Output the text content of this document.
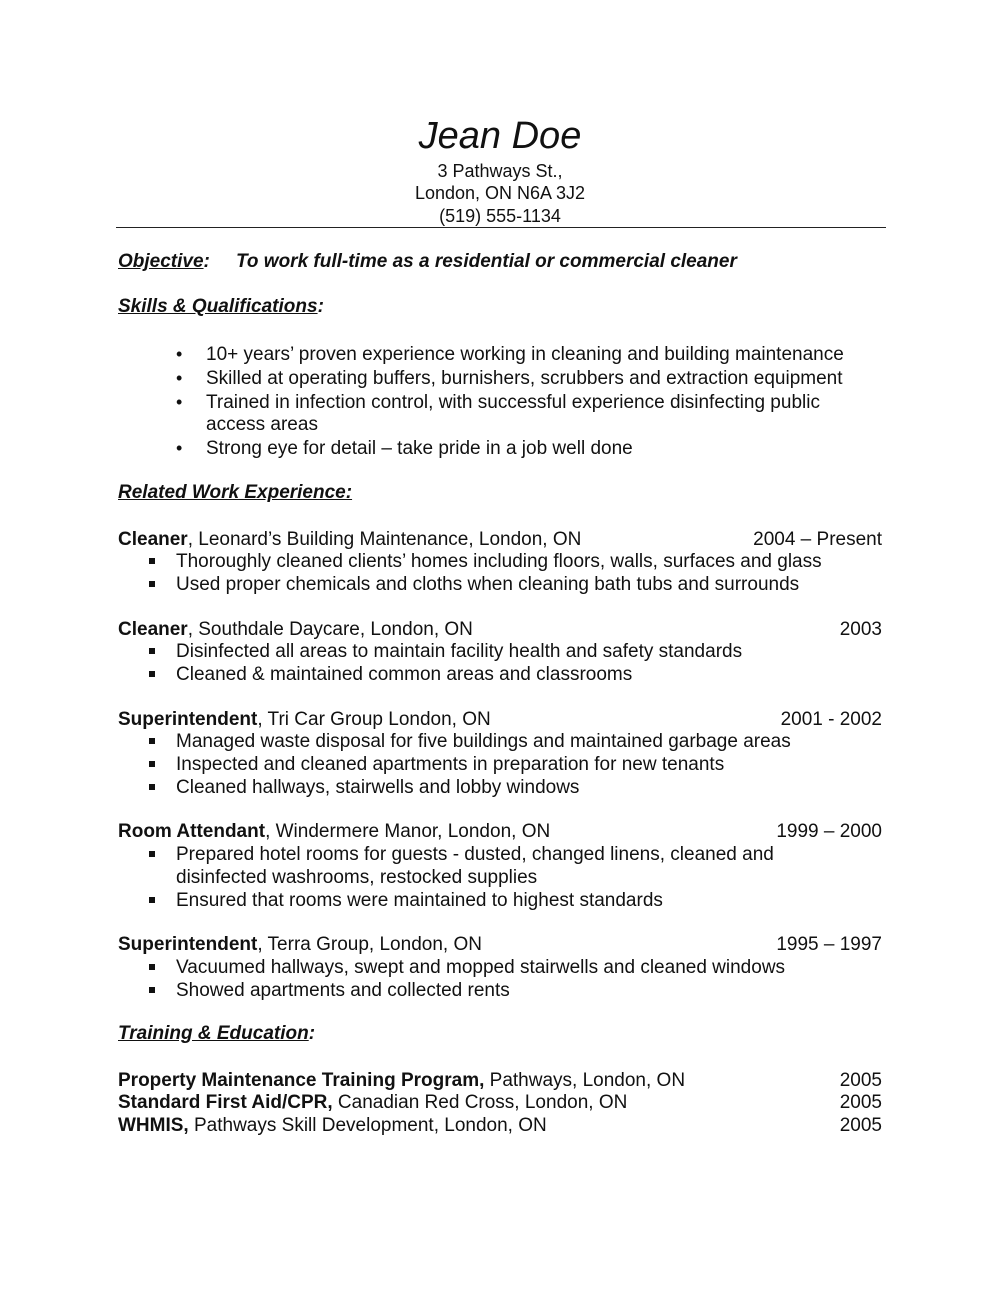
Jean Doe
3 Pathways St.,
London, ON N6A 3J2
(519) 555-1134
Objective: To work full-time as a residential or commercial cleaner
Skills & Qualifications:
• 10+ years’ proven experience working in cleaning and building maintenance
• Skilled at operating buffers, burnishers, scrubbers and extraction equipment
• Trained in infection control, with successful experience disinfecting public
access areas
• Strong eye for detail – take pride in a job well done
Related Work Experience:
Cleaner, Leonard’s Building Maintenance, London, ON	2004 – Present
Thoroughly cleaned clients’ homes including floors, walls, surfaces and glass
Used proper chemicals and cloths when cleaning bath tubs and surrounds
Cleaner, Southdale Daycare, London, ON	2003
Disinfected all areas to maintain facility health and safety standards
Cleaned & maintained common areas and classrooms
Superintendent, Tri Car Group London, ON	2001 - 2002
Managed waste disposal for five buildings and maintained garbage areas
Inspected and cleaned apartments in preparation for new tenants
Cleaned hallways, stairwells and lobby windows
Room Attendant, Windermere Manor, London, ON	1999 – 2000
Prepared hotel rooms for guests - dusted, changed linens, cleaned and
disinfected washrooms, restocked supplies
Ensured that rooms were maintained to highest standards
Superintendent, Terra Group, London, ON	1995 – 1997
Vacuumed hallways, swept and mopped stairwells and cleaned windows
Showed apartments and collected rents
Training & Education:
Property Maintenance Training Program, Pathways, London, ON	2005
Standard First Aid/CPR, Canadian Red Cross, London, ON	2005
WHMIS, Pathways Skill Development, London, ON	2005
